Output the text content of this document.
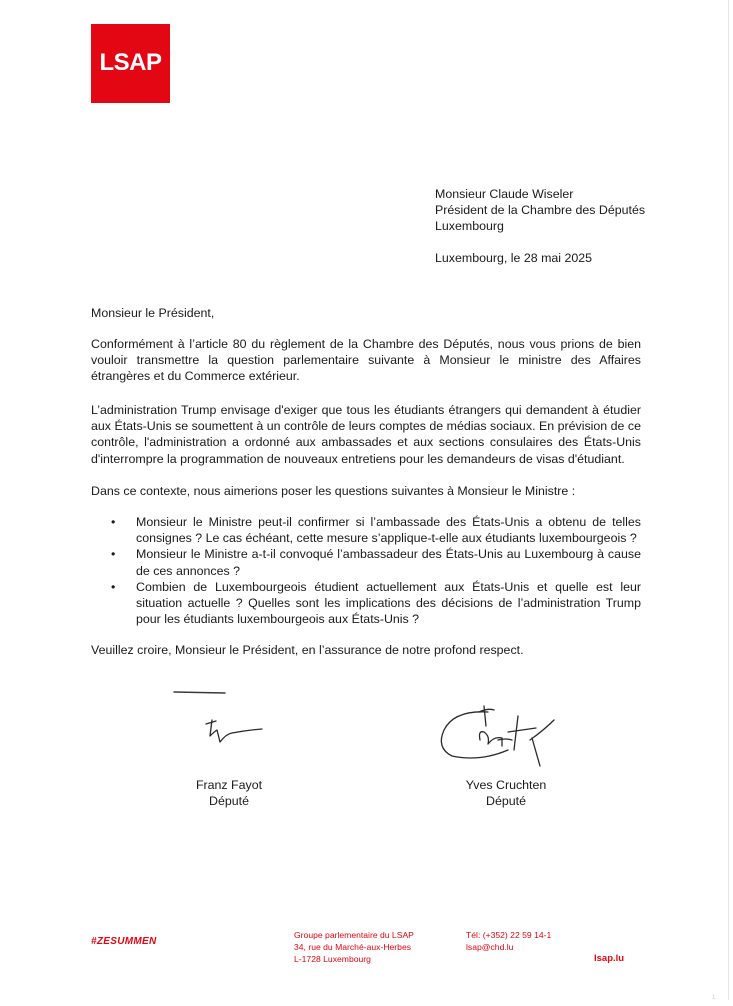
LSAP
Monsieur Claude Wiseler
Président de la Chambre des Députés
Luxembourg
Luxembourg, le 28 mai 2025
Monsieur le Président,

Conformément à l’article 80 du règlement de la Chambre des Députés, nous vous prions de bien vouloir transmettre la question parlementaire suivante à Monsieur le ministre des Affaires étrangères et du Commerce extérieur.

L’administration Trump envisage d'exiger que tous les étudiants étrangers qui demandent à étudier aux États-Unis se soumettent à un contrôle de leurs comptes de médias sociaux. En prévision de ce contrôle, l'administration a ordonné aux ambassades et aux sections consulaires des États-Unis d'interrompre la programmation de nouveaux entretiens pour les demandeurs de visas d'étudiant.

Dans ce contexte, nous aimerions poser les questions suivantes à Monsieur le Ministre :

• Monsieur le Ministre peut-il confirmer si l’ambassade des États-Unis a obtenu de telles consignes ? Le cas échéant, cette mesure s’applique-t-elle aux étudiants luxembourgeois ?
• Monsieur le Ministre a-t-il convoqué l’ambassadeur des États-Unis au Luxembourg à cause de ces annonces ?
• Combien de Luxembourgeois étudient actuellement aux États-Unis et quelle est leur situation actuelle ? Quelles sont les implications des décisions de l’administration Trump pour les étudiants luxembourgeois aux États-Unis ?
Veuillez croire, Monsieur le Président, en l’assurance de notre profond respect.
Franz Fayot
Député
Yves Cruchten
Député
#ZESUMMEN
Groupe parlementaire du LSAP
34, rue du Marché-aux-Herbes
L-1728 Luxembourg
Tél: (+352) 22 59 14-1
lsap@chd.lu
lsap.lu
1
